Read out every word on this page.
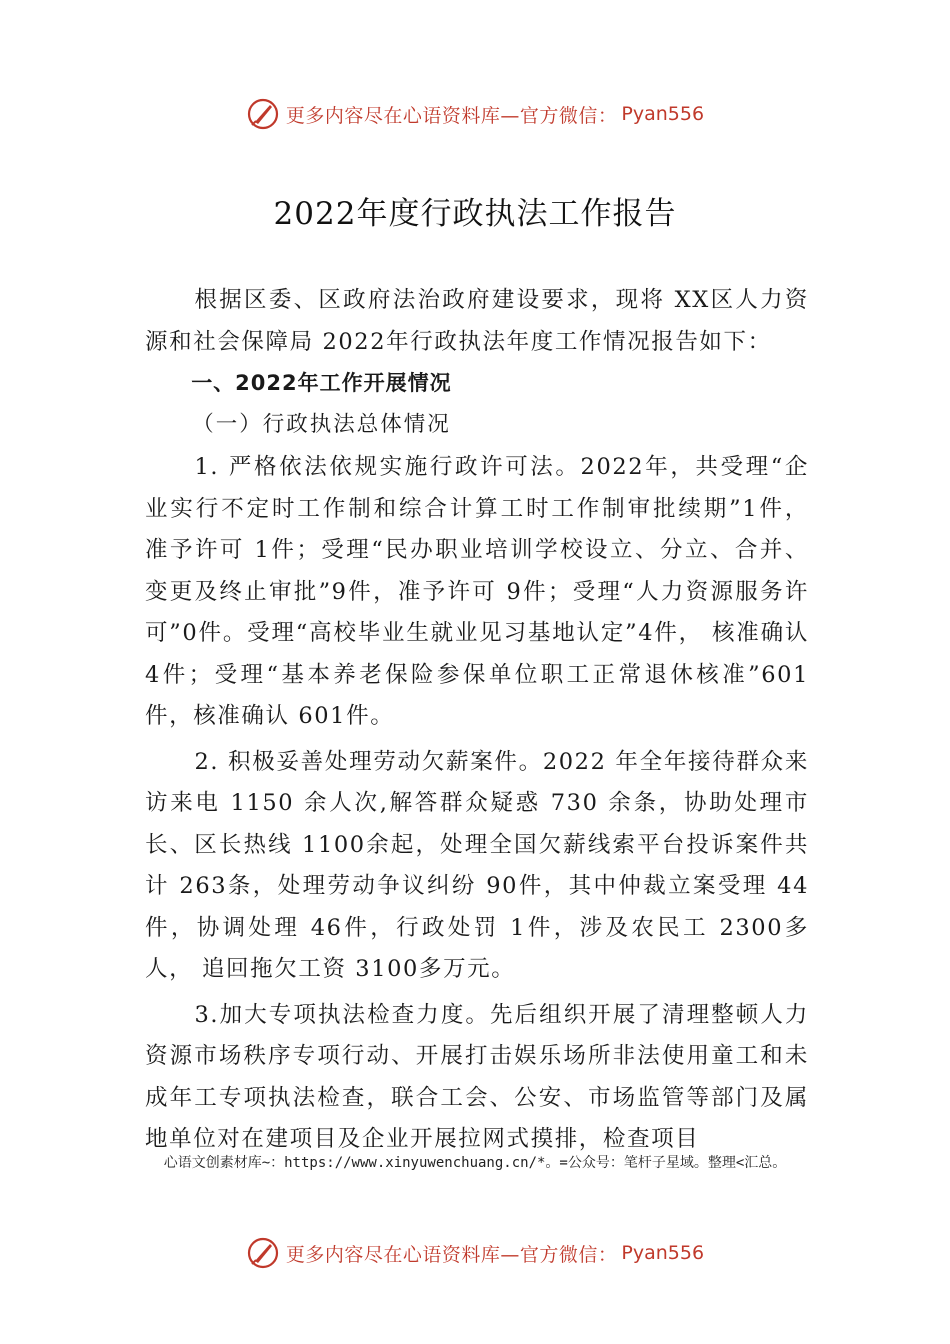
更多内容尽在心语资料库—官方微信： Pyan556
2022年度行政执法工作报告

根据区委、区政府法治政府建设要求，现将 XX区人力资源和社会保障局 2022年行政执法年度工作情况报告如下：

一、2022年工作开展情况

（一）行政执法总体情况

1. 严格依法依规实施行政许可法。2022年，共受理“企业实行不定时工作制和综合计算工时工作制审批续期”1件， 准予许可 1件；受理“民办职业培训学校设立、分立、合并、变更及终止审批”9件，准予许可 9件；受理“人力资源服务许可”0件。受理“高校毕业生就业见习基地认定”4件， 核准确认 4件；受理“基本养老保险参保单位职工正常退休核准”601件，核准确认 601件。

2. 积极妥善处理劳动欠薪案件。2022 年全年接待群众来访来电 1150 余人次,解答群众疑惑 730 余条，协助处理市长、区长热线 1100余起，处理全国欠薪线索平台投诉案件共计 263条，处理劳动争议纠纷 90件，其中仲裁立案受理 44件，协调处理 46件，行政处罚 1件，涉及农民工 2300多人， 追回拖欠工资 3100多万元。

3.加大专项执法检查力度。先后组织开展了清理整顿人力资源市场秩序专项行动、开展打击娱乐场所非法使用童工和未成年工专项执法检查，联合工会、公安、市场监管等部门及属地单位对在建项目及企业开展拉网式摸排，检查项目

心语文创素材库~：https://www.xinyuwenchuang.cn/*。=公众号：笔杆子星域。整理<汇总。
更多内容尽在心语资料库—官方微信： Pyan556
